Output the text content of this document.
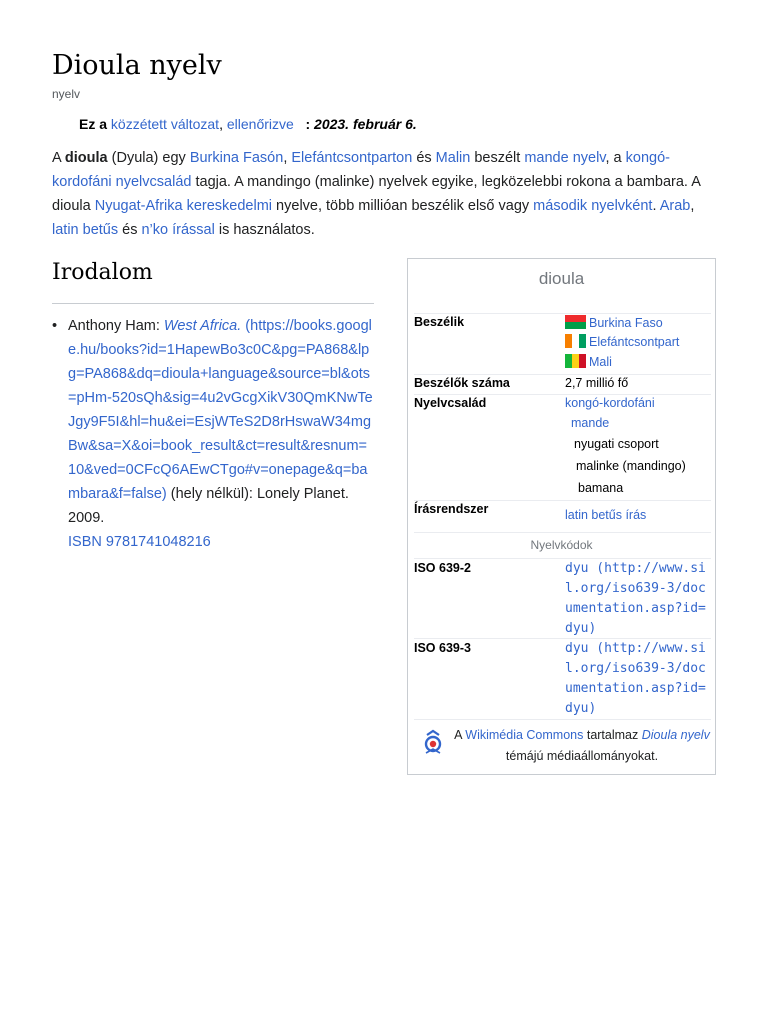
Dioula nyelv
nyelv
Ez a közzétett változat, ellenőrizve : 2023. február 6.

A dioula (Dyula) egy Burkina Fasón, Elefántcsontparton és Malin beszélt mande nyelv, a kongó-kordofáni nyelvcsalád tagja. A mandingo (malinke) nyelvek egyike, legközelebbi rokona a bambara. A dioula Nyugat-Afrika kereskedelmi nyelve, több millióan beszélik első vagy második nyelvként. Arab, latin betűs és n’ko írással is használatos.

Irodalom
• Anthony Ham: West Africa. (https://books.google.hu/books?id=1HapewBo3c0C&pg=PA868&lpg=PA868&dq=dioula+language&source=bl&ots=pHm-520sQh&sig=4u2vGcgXikV30QmKNwTeJgy9F5I&hl=hu&ei=EsjWTeS2D8rHswaW34mgBw&sa=X&oi=book_result&ct=result&resnum=10&ved=0CFcQ6AEwCTgo#v=onepage&q=bambara&f=false) (hely nélkül): Lonely Planet. 2009.
ISBN 9781741048216
dioula
Beszélik	Burkina Faso
Elefántcsontpart
Mali
Beszélők száma	2,7 millió fő
Nyelvcsalád	kongó-kordofáni
mande
nyugati csoport
malinke (mandingo)
bamana
Írásrendszer	latin betűs írás
Nyelvkódok
ISO 639-2	dyu (http://www.sil.org/iso639-3/documentation.asp?id=dyu)
ISO 639-3	dyu (http://www.sil.org/iso639-3/documentation.asp?id=dyu)
A Wikimédia Commons tartalmaz Dioula nyelv témájú médiaállományokat.
